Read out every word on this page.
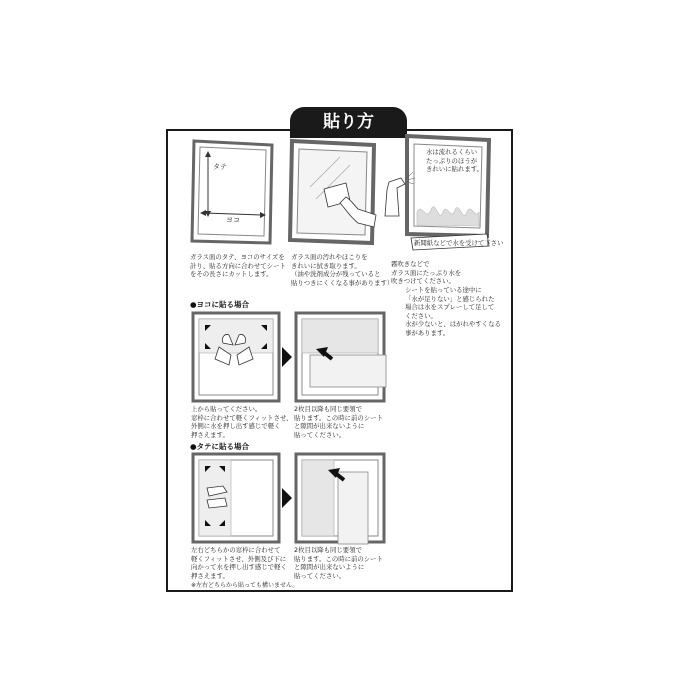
貼り方
タテ
ヨコ
ガラス面のタテ、ヨコのサイズを
計り、貼る方向に合わせてシート
をその長さにカットします。
ガラス面の汚れやほこりを
きれいに拭き取ります。
（油や洗剤成分が残っていると
貼りつきにくくなる事があります）
水は流れるくらい
たっぷりのほうが
きれいに貼れます。
新聞紙などで水を受けて下さい
霧吹きなどで
ガラス面にたっぷり水を
吹きつけてください。
シートを貼っている途中に
「水が足りない」と感じられた
場合は水をスプレーして足して
ください。
水が少ないと、はがれやすくなる
事があります。
●ヨコに貼る場合
上から貼ってください。
窓枠に合わせて軽くフィットさせ、
外側に水を押し出す感じで軽く
押さえます。
2枚目以降も同じ要領で
貼ります。この時に前のシート
と隙間が出来ないように
貼ってください。
●タテに貼る場合
左右どちらかの窓枠に合わせて
軽くフィットさせ、外側及び下に
向かって水を押し出す感じで軽く
押さえます。
※左右どちらから貼っても構いません。
2枚目以降も同じ要領で
貼ります。この時に前のシート
と隙間が出来ないように
貼ってください。
